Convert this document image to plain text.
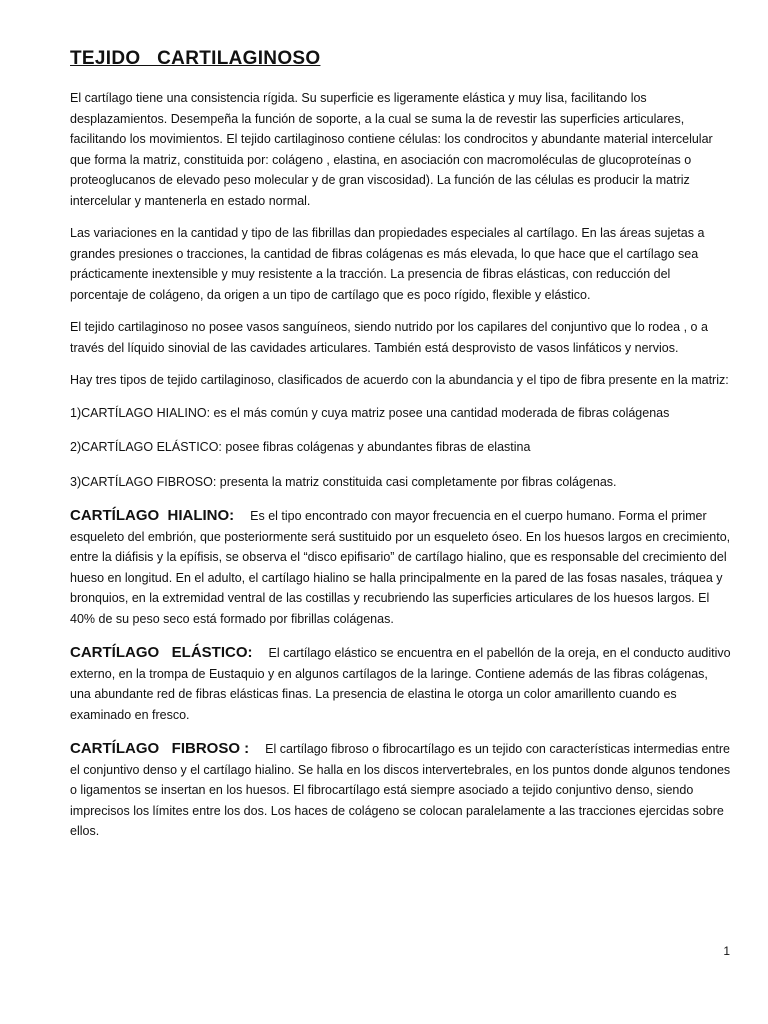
TEJIDO   CARTILAGINOSO

El cartílago tiene una consistencia rígida. Su superficie es ligeramente elástica y muy lisa, facilitando los desplazamientos. Desempeña la función de soporte, a la cual se suma la de revestir las superficies articulares, facilitando los movimientos. El tejido cartilaginoso contiene células: los condrocitos y abundante material intercelular que forma la matriz, constituida por: colágeno , elastina, en asociación con macromoléculas de glucoproteínas o proteoglucanos de elevado peso molecular y de gran viscosidad). La función de las células es producir la matriz intercelular y mantenerla en estado normal.

Las variaciones en la cantidad y tipo de las fibrillas dan propiedades especiales al cartílago. En las áreas sujetas a grandes presiones o tracciones, la cantidad de fibras colágenas es más elevada, lo que hace que el cartílago sea prácticamente inextensible y muy resistente a la tracción. La presencia de fibras elásticas, con reducción del porcentaje de colágeno, da origen a un tipo de cartílago que es poco rígido, flexible y elástico.

El tejido cartilaginoso no posee vasos sanguíneos, siendo nutrido por los capilares del conjuntivo que lo rodea , o a través del líquido sinovial de las cavidades articulares. También está desprovisto de vasos linfáticos y nervios.

Hay tres tipos de tejido cartilaginoso, clasificados de acuerdo con la abundancia y el tipo de fibra presente en la matriz:

1)CARTÍLAGO HIALINO: es el más común y cuya matriz posee una cantidad moderada de fibras colágenas

2)CARTÍLAGO ELÁSTICO: posee fibras colágenas y abundantes fibras de elastina

3)CARTÍLAGO FIBROSO: presenta la matriz constituida casi completamente por fibras colágenas.

CARTÍLAGO  HIALINO:    Es el tipo encontrado con mayor frecuencia en el cuerpo humano. Forma el primer esqueleto del embrión, que posteriormente será sustituido por un esqueleto óseo. En los huesos largos en crecimiento, entre la diáfisis y la epífisis, se observa el “disco epifisario” de cartílago hialino, que es responsable del crecimiento del hueso en longitud. En el adulto, el cartílago hialino se halla principalmente en la pared de las fosas nasales, tráquea y bronquios, en la extremidad ventral de las costillas y recubriendo las superficies articulares de los huesos largos. El 40% de su peso seco está formado por fibrillas colágenas.

CARTÍLAGO   ELÁSTICO:    El cartílago elástico se encuentra en el pabellón de la oreja, en el conducto auditivo externo, en la trompa de Eustaquio y en algunos cartílagos de la laringe. Contiene además de las fibras colágenas, una abundante red de fibras elásticas finas. La presencia de elastina le otorga un color amarillento cuando es examinado en fresco.

CARTÍLAGO   FIBROSO :    El cartílago fibroso o fibrocartílago es un tejido con características intermedias entre el conjuntivo denso y el cartílago hialino. Se halla en los discos intervertebrales, en los puntos donde algunos tendones o ligamentos se insertan en los huesos. El fibrocartílago está siempre asociado a tejido conjuntivo denso, siendo imprecisos los límites entre los dos. Los haces de colágeno se colocan paralelamente a las tracciones ejercidas sobre ellos.

1
